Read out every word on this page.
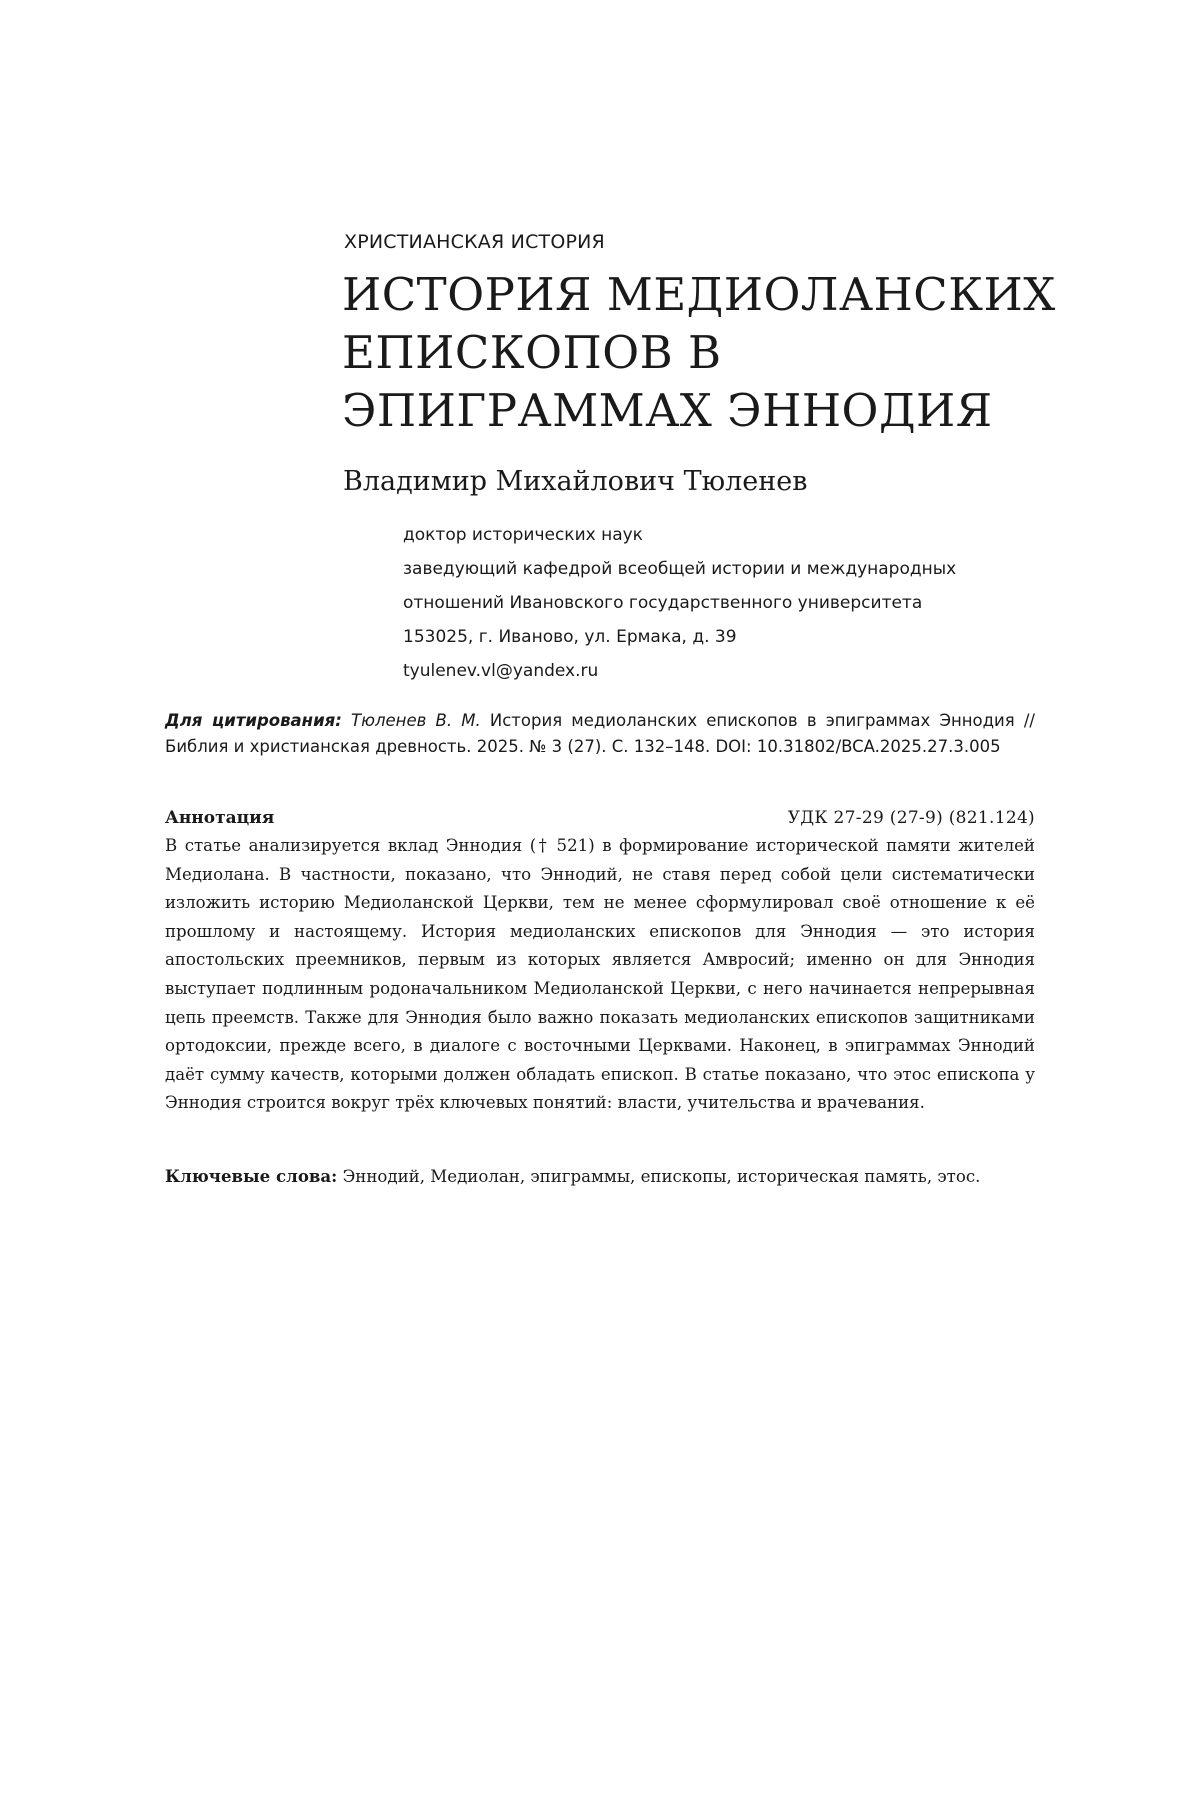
ХРИСТИАНСКАЯ ИСТОРИЯ
ИСТОРИЯ МЕДИОЛАНСКИХ
ЕПИСКОПОВ В
ЭПИГРАММАХ ЭННОДИЯ
Владимир Михайлович Тюленев
доктор исторических наук
заведующий кафедрой всеобщей истории и международных
отношений Ивановского государственного университета
153025, г. Иваново, ул. Ермака, д. 39
tyulenev.vl@yandex.ru
Для цитирования: Тюленев В. М. История медиоланских епископов в эпиграммах Эннодия // Библия и христианская древность. 2025. № 3 (27). С. 132–148. DOI: 10.31802/BCA.2025.27.3.005
Аннотация	УДК 27-29 (27-9) (821.124)

В статье анализируется вклад Эннодия († 521) в формирование исторической памяти жителей Медиолана. В частности, показано, что Эннодий, не ставя перед собой цели систематически изложить историю Медиоланской Церкви, тем не менее сформулировал своё отношение к её прошлому и настоящему. История медиоланских епископов для Эннодия — это история апостольских преемников, первым из которых является Амвросий; именно он для Эннодия выступает подлинным родоначальником Медиоланской Церкви, с него начинается непрерывная цепь преемств. Также для Эннодия было важно показать медиоланских епископов защитниками ортодоксии, прежде всего, в диалоге с восточными Церквами. Наконец, в эпиграммах Эннодий даёт сумму качеств, которыми должен обладать епископ. В статье показано, что этос епископа у Эннодия строится вокруг трёх ключевых понятий: власти, учительства и врачевания.

Ключевые слова: Эннодий, Медиолан, эпиграммы, епископы, историческая память, этос.
